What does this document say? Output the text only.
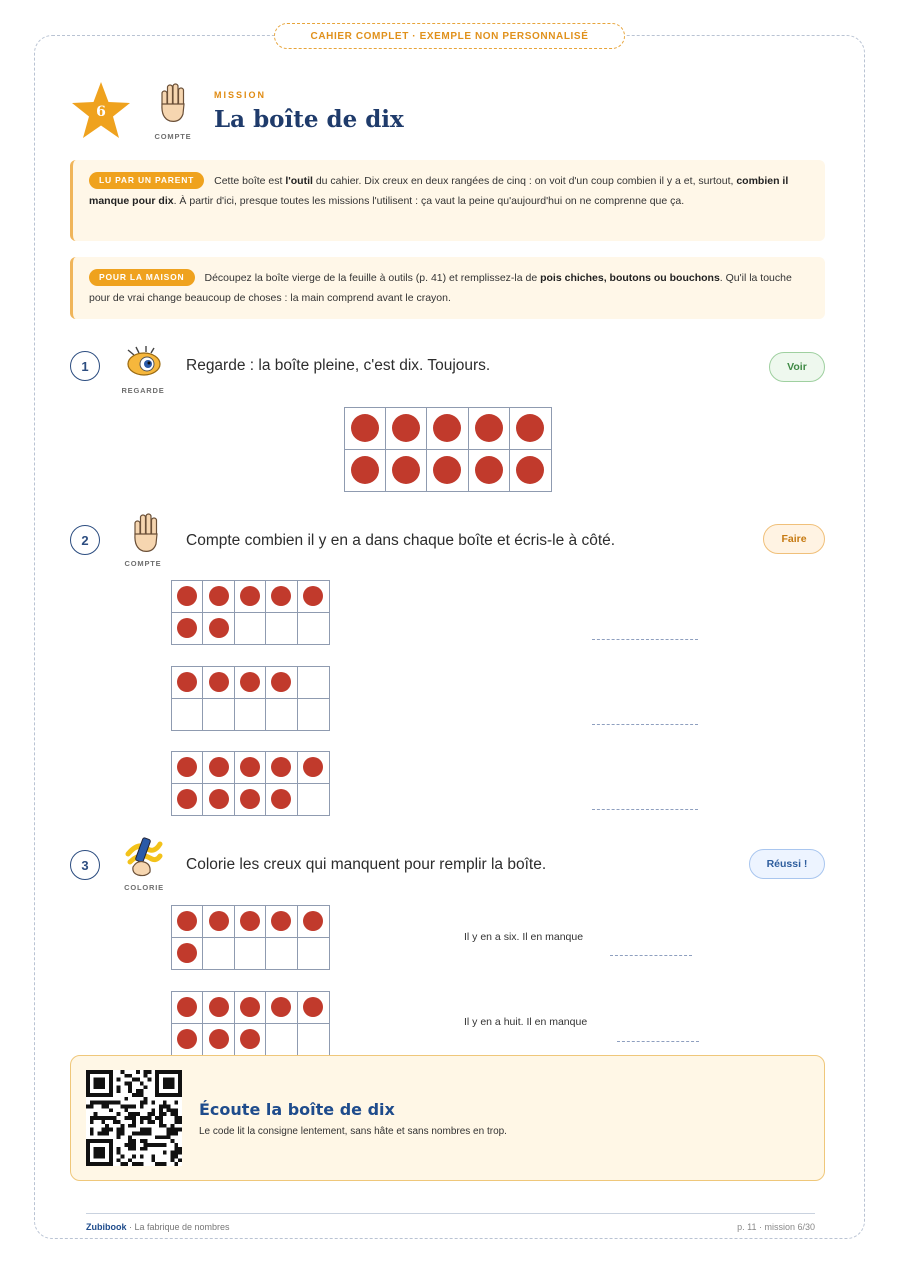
CAHIER COMPLET · EXEMPLE NON PERSONNALISÉ
6
COMPTE
MISSION
La boîte de dix
LU PAR UN PARENT Cette boîte est l'outil du cahier. Dix creux en deux rangées de cinq : on voit d'un coup combien il y a et, surtout, combien il manque pour dix. À partir d'ici, presque toutes les missions l'utilisent : ça vaut la peine qu'aujourd'hui on ne comprenne que ça.
POUR LA MAISON Découpez la boîte vierge de la feuille à outils (p. 41) et remplissez-la de pois chiches, boutons ou bouchons. Qu'il la touche pour de vrai change beaucoup de choses : la main comprend avant le crayon.
1
REGARDE
Regarde : la boîte pleine, c'est dix. Toujours.	Voir
2
COMPTE
Compte combien il y en a dans chaque boîte et écris-le à côté.	Faire
3
COLORIE
Colorie les creux qui manquent pour remplir la boîte.	Réussi !
Il y en a six. Il en manque
Il y en a huit. Il en manque
Écoute la boîte de dix
Le code lit la consigne lentement, sans hâte et sans nombres en trop.
Zubibook · La fabrique de nombres	p. 11 · mission 6/30
